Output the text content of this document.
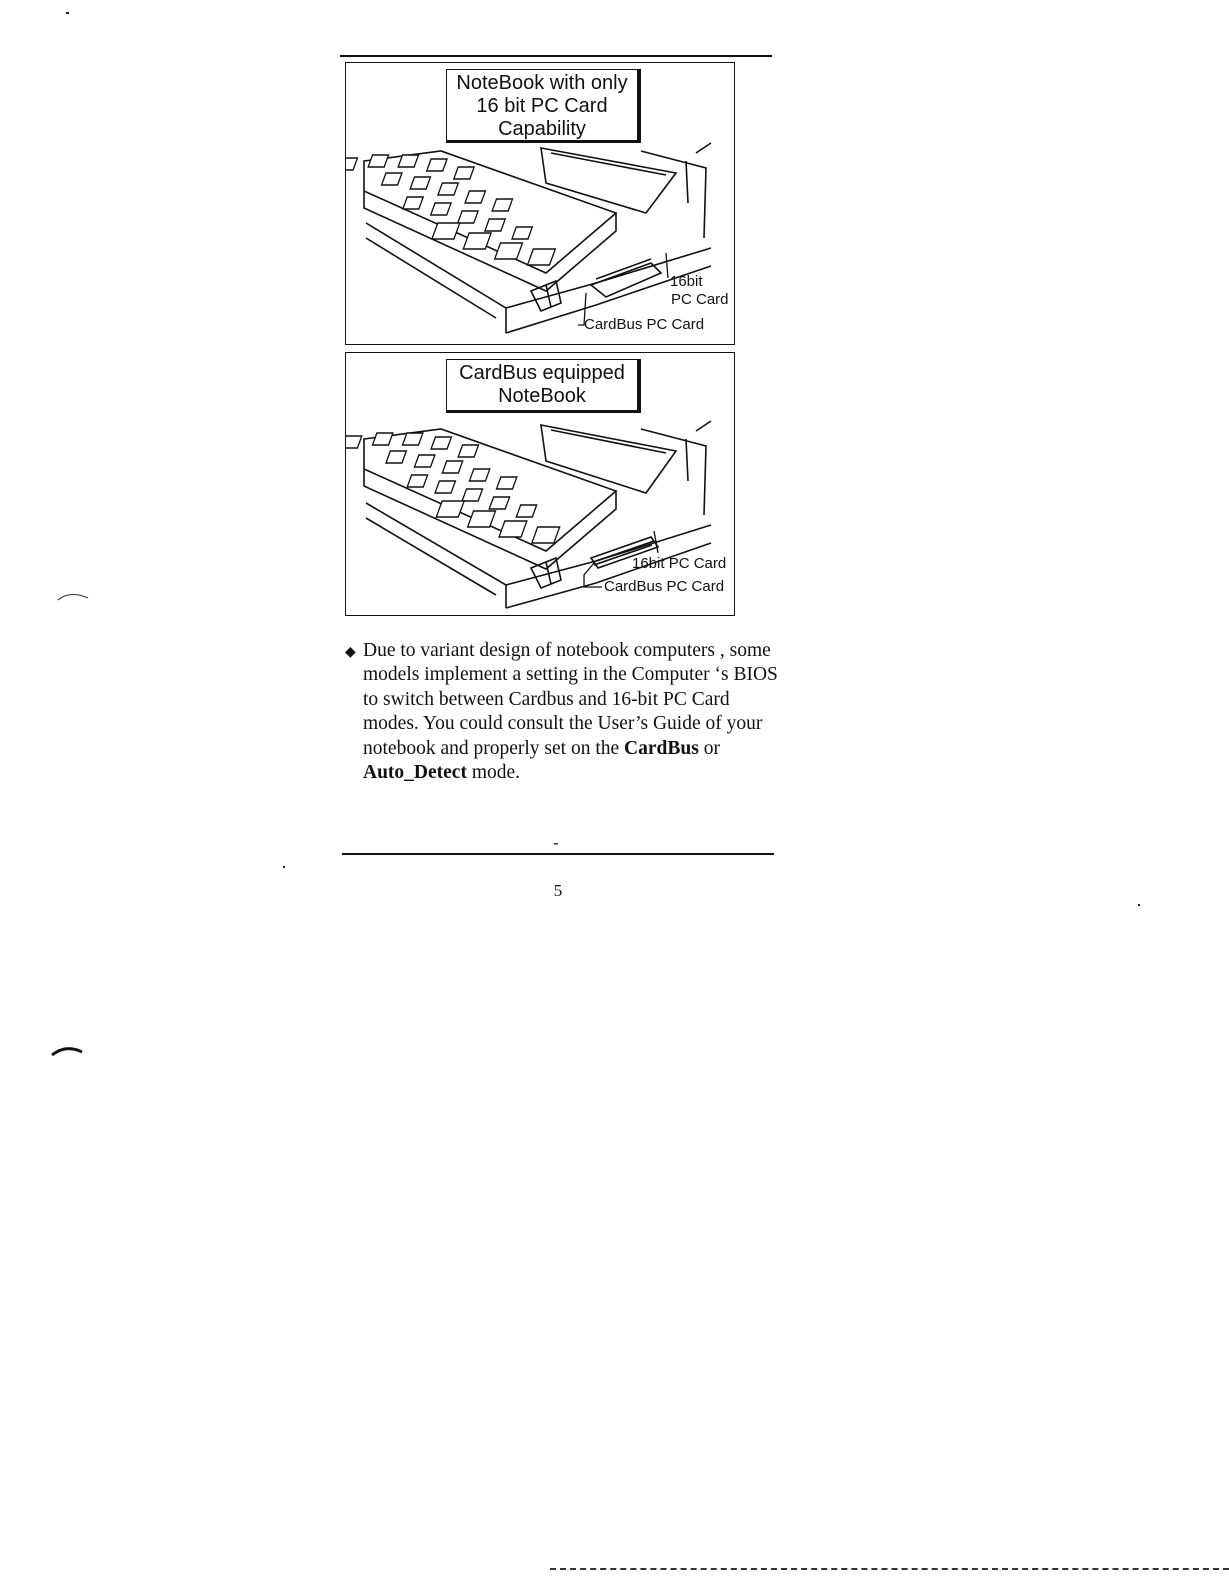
NoteBook with only
16 bit PC Card
Capability
16bit
PC Card
CardBus PC Card
CardBus equipped
NoteBook
16bit PC Card
CardBus PC Card
◆ Due to variant design of notebook computers , some models implement a setting in the Computer ‘s BIOS to switch between Cardbus and 16-bit PC Card modes. You could consult the User’s Guide of your notebook and properly set on the CardBus or Auto_Detect mode.
-
5
